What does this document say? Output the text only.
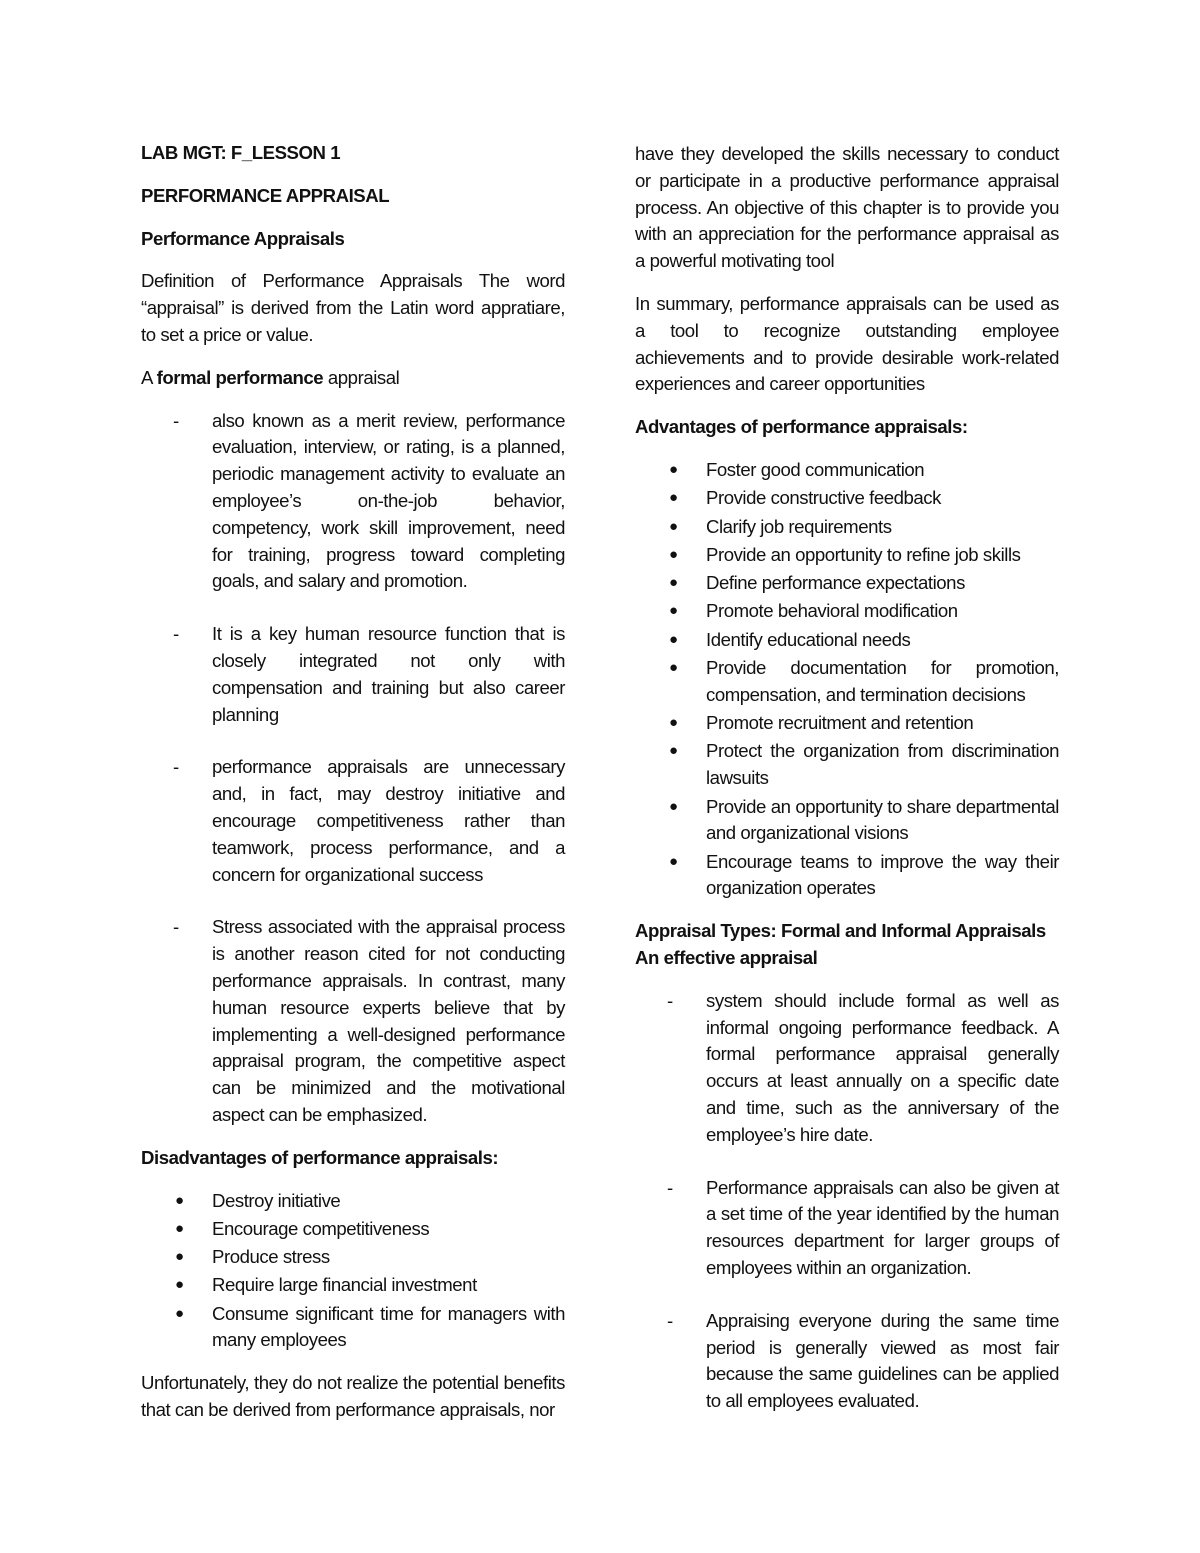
LAB MGT: F_LESSON 1

PERFORMANCE APPRAISAL

Performance Appraisals

Definition of Performance Appraisals The word “appraisal” is derived from the Latin word appratiare, to set a price or value.

A formal performance appraisal

-	also known as a merit review, performance evaluation, interview, or rating, is a planned, periodic management activity to evaluate an employee’s on-the-job behavior, competency, work skill improvement, need for training, progress toward completing goals, and salary and promotion.
-	It is a key human resource function that is closely integrated not only with compensation and training but also career planning
-	performance appraisals are unnecessary and, in fact, may destroy initiative and encourage competitiveness rather than teamwork, process performance, and a concern for organizational success
-	Stress associated with the appraisal process is another reason cited for not conducting performance appraisals. In contrast, many human resource experts believe that by implementing a well-designed performance appraisal program, the competitive aspect can be minimized and the motivational aspect can be emphasized.

Disadvantages of performance appraisals:

●	Destroy initiative
●	Encourage competitiveness
●	Produce stress
●	Require large financial investment
●	Consume significant time for managers with many employees

Unfortunately, they do not realize the potential benefits that can be derived from performance appraisals, nor

have they developed the skills necessary to conduct or participate in a productive performance appraisal process. An objective of this chapter is to provide you with an appreciation for the performance appraisal as a powerful motivating tool

In summary, performance appraisals can be used as a tool to recognize outstanding employee achievements and to provide desirable work-related experiences and career opportunities

Advantages of performance appraisals:

●	Foster good communication
●	Provide constructive feedback
●	Clarify job requirements
●	Provide an opportunity to refine job skills
●	Define performance expectations
●	Promote behavioral modification
●	Identify educational needs
●	Provide documentation for promotion, compensation, and termination decisions
●	Promote recruitment and retention
●	Protect the organization from discrimination lawsuits
●	Provide an opportunity to share departmental and organizational visions
●	Encourage teams to improve the way their organization operates

Appraisal Types: Formal and Informal Appraisals

An effective appraisal

-	system should include formal as well as informal ongoing performance feedback. A formal performance appraisal generally occurs at least annually on a specific date and time, such as the anniversary of the employee’s hire date.
-	Performance appraisals can also be given at a set time of the year identified by the human resources department for larger groups of employees within an organization.
-	Appraising everyone during the same time period is generally viewed as most fair because the same guidelines can be applied to all employees evaluated.
